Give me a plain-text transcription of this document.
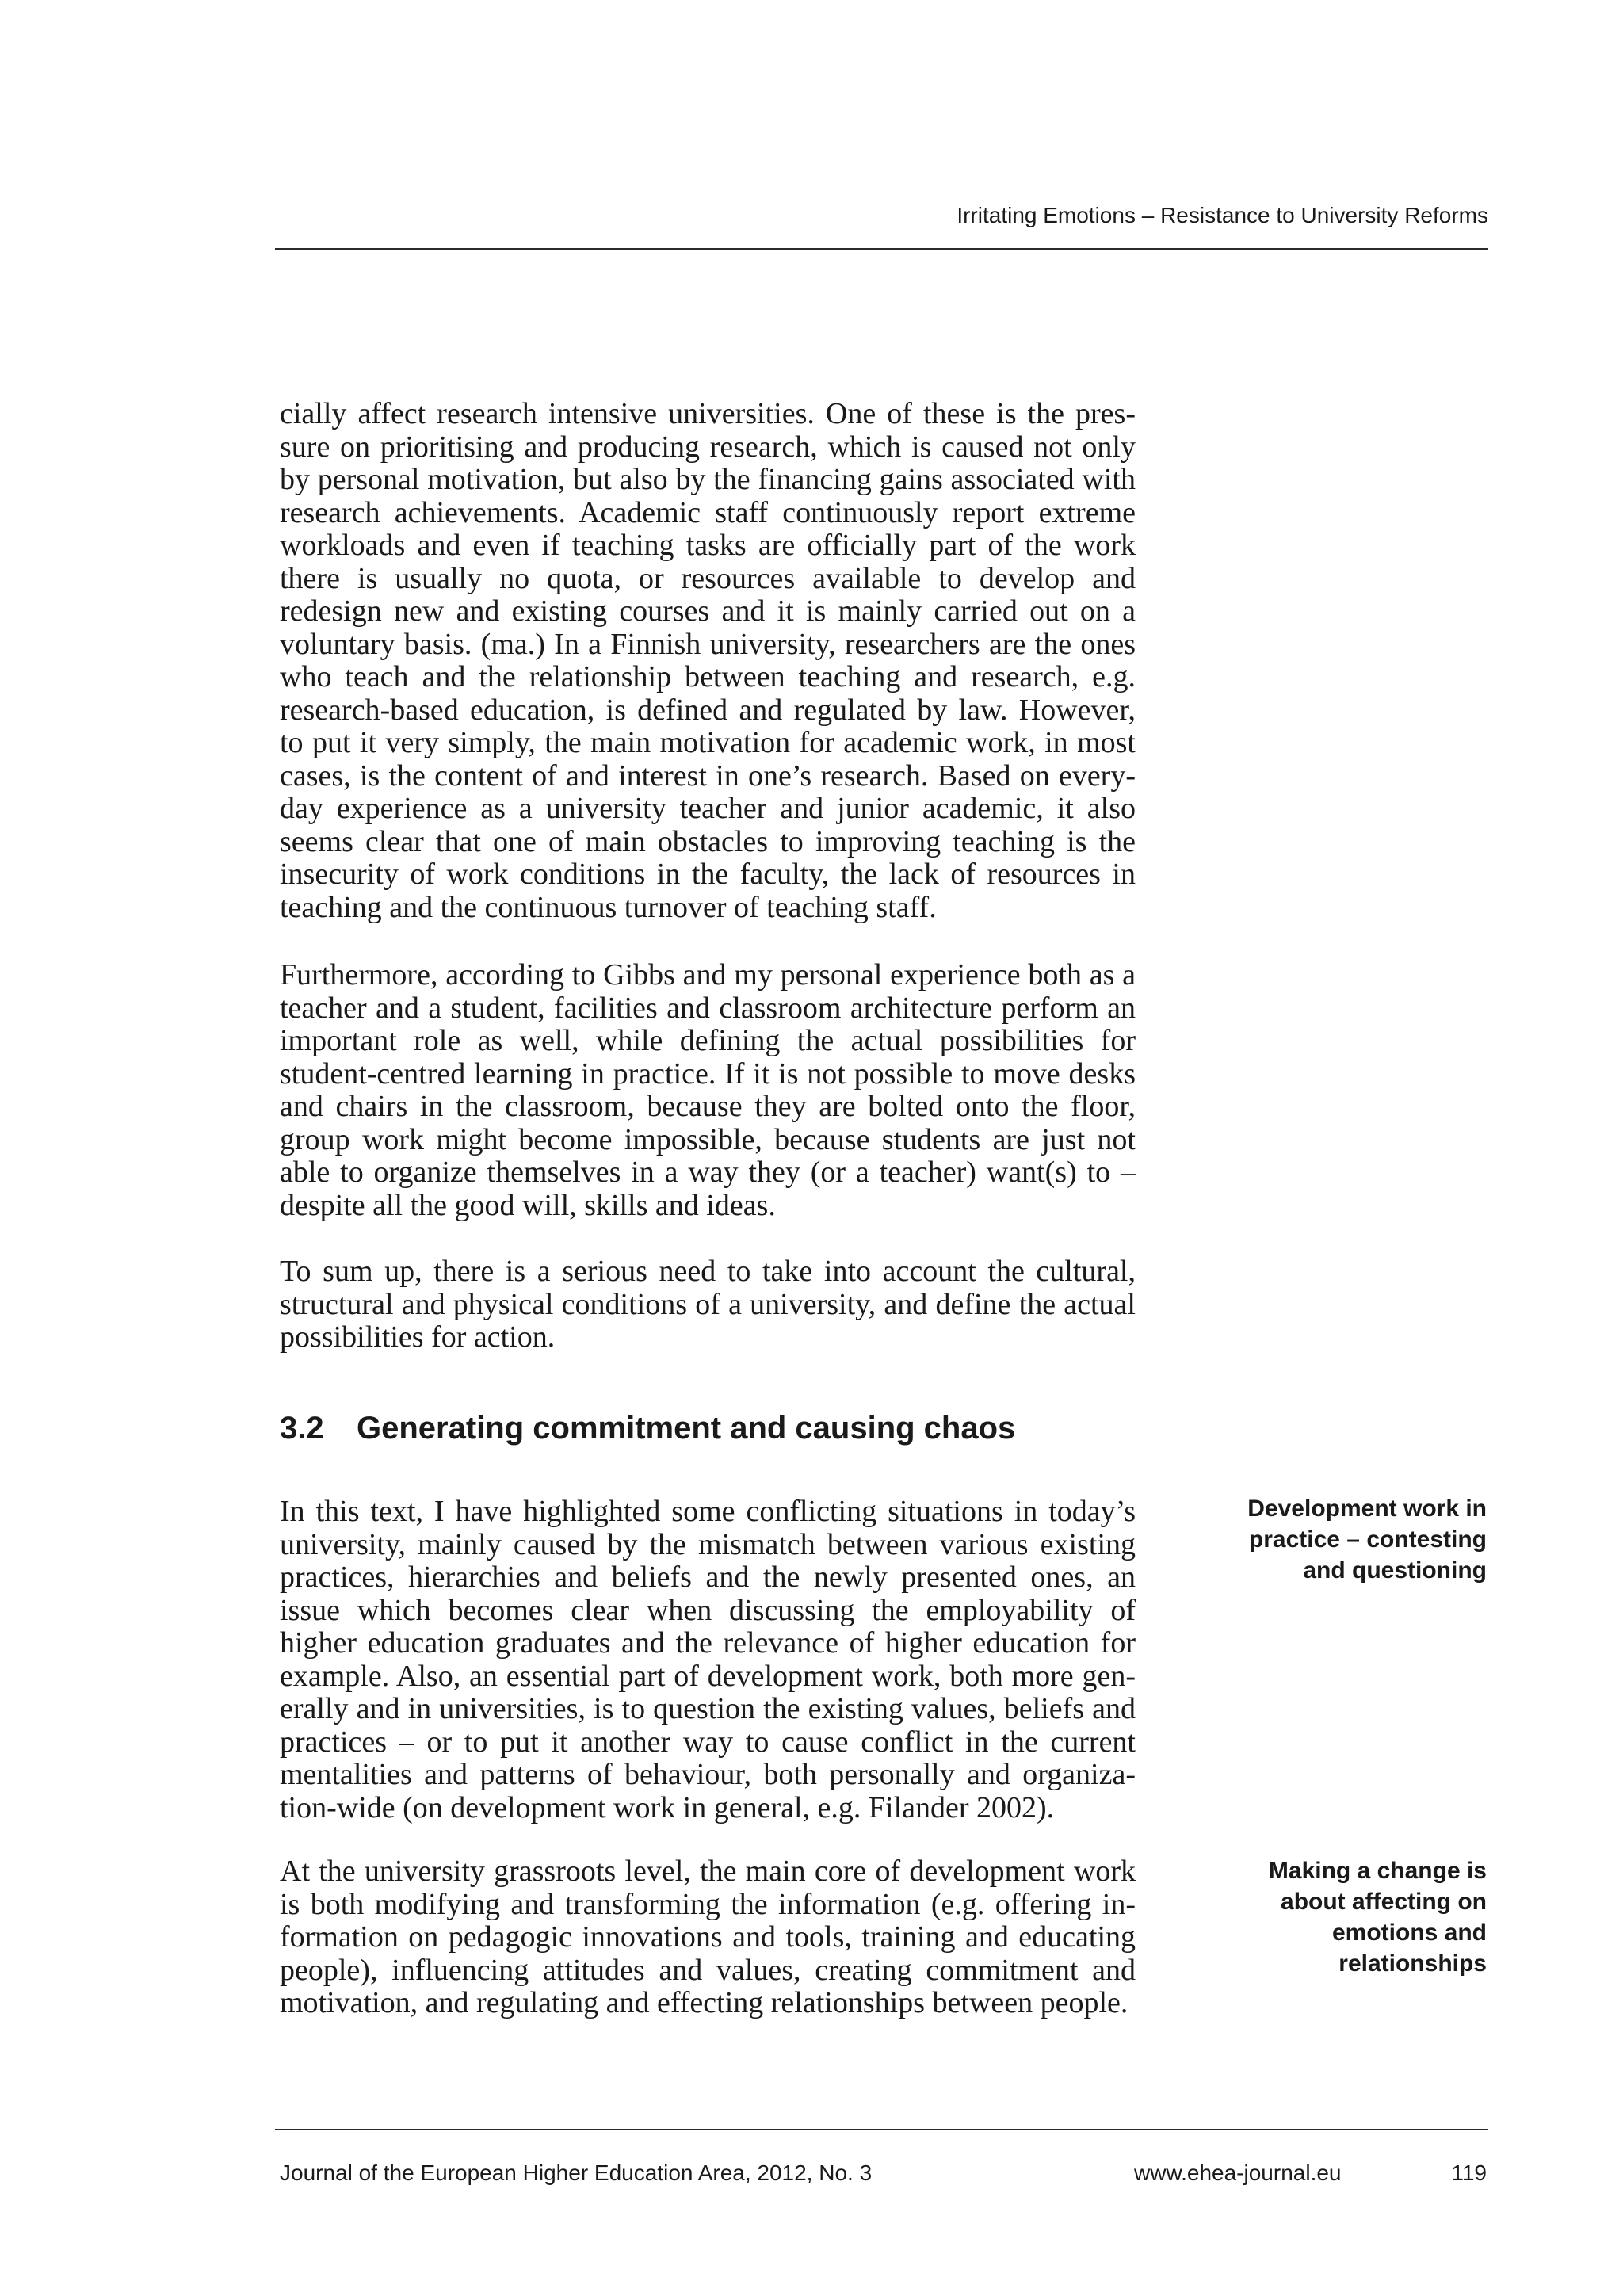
Irritating Emotions – Resistance to University Reforms

cially affect research intensive universities. One of these is the pressure on prioritising and producing research, which is caused not only by personal motivation, but also by the financing gains associated with research achievements. Academic staff continuously report extreme workloads and even if teaching tasks are officially part of the work there is usually no quota, or resources available to develop and redesign new and existing courses and it is mainly carried out on a voluntary basis. (ma.) In a Finnish university, researchers are the ones who teach and the relationship between teaching and research, e.g. research-based education, is defined and regulated by law. However, to put it very simply, the main motivation for academic work, in most cases, is the content of and interest in one’s research. Based on everyday experience as a university teacher and junior academic, it also seems clear that one of main obstacles to improving teaching is the insecurity of work conditions in the faculty, the lack of resources in teaching and the continuous turnover of teaching staff.

Furthermore, according to Gibbs and my personal experience both as a teacher and a student, facilities and classroom architecture perform an important role as well, while defining the actual possibilities for student-centred learning in practice. If it is not possible to move desks and chairs in the classroom, because they are bolted onto the floor, group work might become impossible, because students are just not able to organize themselves in a way they (or a teacher) want(s) to – despite all the good will, skills and ideas.

To sum up, there is a serious need to take into account the cultural, structural and physical conditions of a university, and define the actual possibilities for action.

3.2 Generating commitment and causing chaos

In this text, I have highlighted some conflicting situations in today’s university, mainly caused by the mismatch between various existing practices, hierarchies and beliefs and the newly presented ones, an issue which becomes clear when discussing the employability of higher education graduates and the relevance of higher education for example. Also, an essential part of development work, both more generally and in universities, is to question the existing values, beliefs and practices – or to put it another way to cause conflict in the current mentalities and patterns of behaviour, both personally and organization-wide (on development work in general, e.g. Filander 2002).

Development work in practice – contesting and questioning

At the university grassroots level, the main core of development work is both modifying and transforming the information (e.g. offering information on pedagogic innovations and tools, training and educating people), influencing attitudes and values, creating commitment and motivation, and regulating and effecting relationships between people.

Making a change is about affecting on emotions and relationships

Journal of the European Higher Education Area, 2012, No. 3	www.ehea-journal.eu	119
